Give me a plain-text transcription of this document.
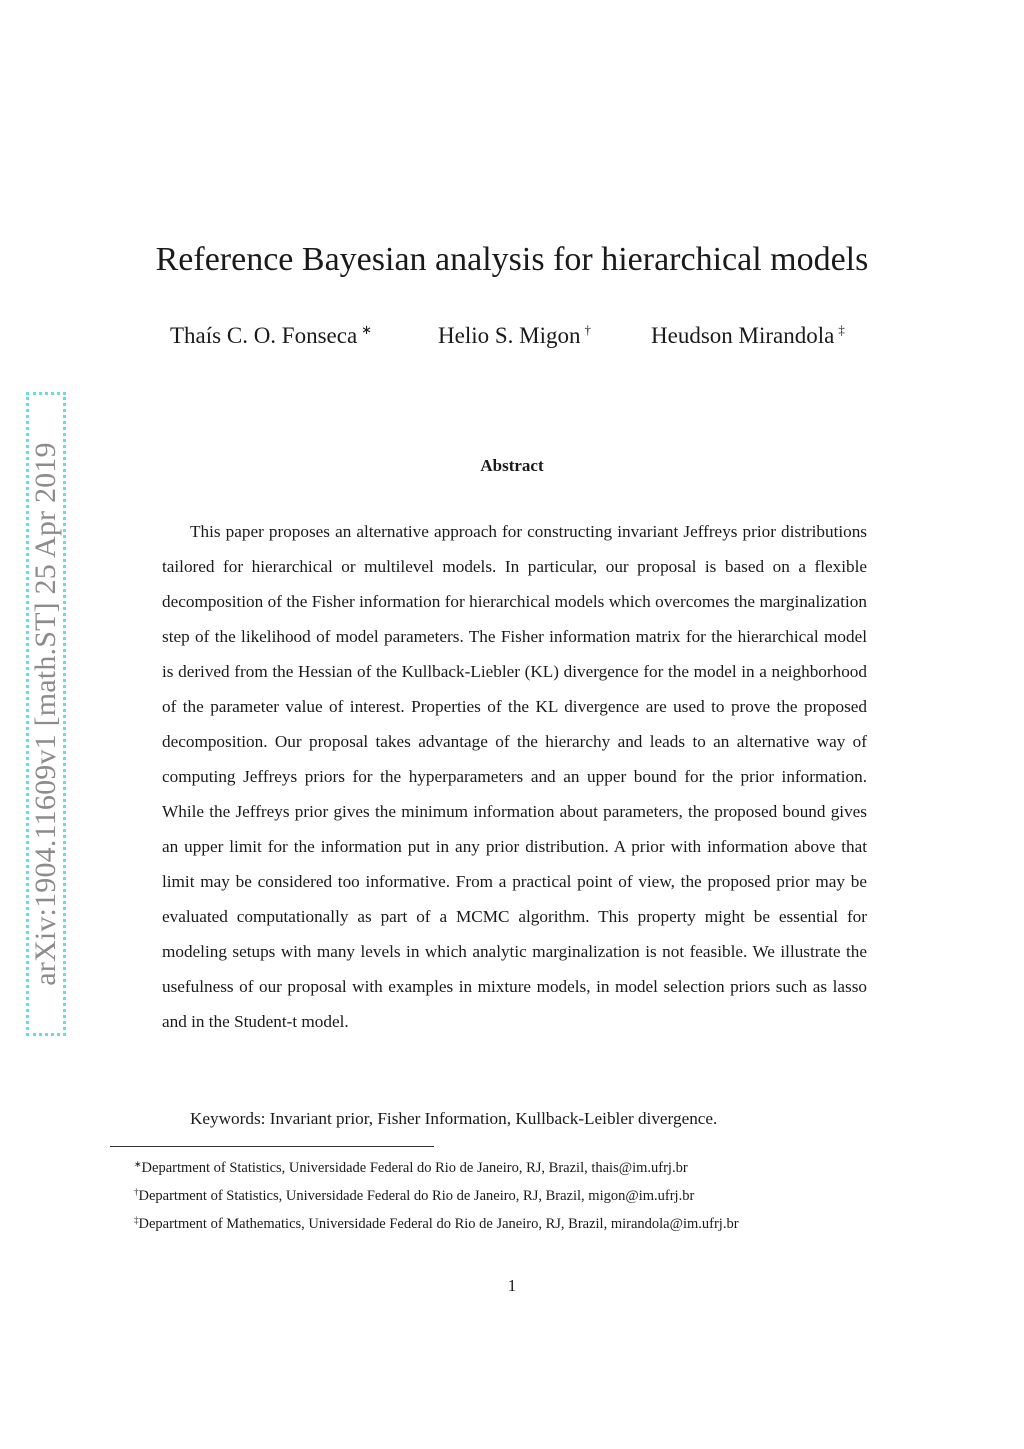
arXiv:1904.11609v1 [math.ST] 25 Apr 2019
Reference Bayesian analysis for hierarchical models
Thaís C. O. Fonseca ∗	Helio S. Migon †	Heudson Mirandola ‡
Abstract

This paper proposes an alternative approach for constructing invariant Jeffreys prior distributions tailored for hierarchical or multilevel models. In particular, our proposal is based on a flexible decomposition of the Fisher information for hierarchical models which overcomes the marginalization step of the likelihood of model parameters. The Fisher information matrix for the hierarchical model is derived from the Hessian of the Kullback-Liebler (KL) divergence for the model in a neighborhood of the parameter value of interest. Properties of the KL divergence are used to prove the proposed decomposition. Our proposal takes advantage of the hierarchy and leads to an alternative way of computing Jeffreys priors for the hyperparameters and an upper bound for the prior information. While the Jeffreys prior gives the minimum information about parameters, the proposed bound gives an upper limit for the information put in any prior distribution. A prior with information above that limit may be considered too informative. From a practical point of view, the proposed prior may be evaluated computationally as part of a MCMC algorithm. This property might be essential for modeling setups with many levels in which analytic marginalization is not feasible. We illustrate the usefulness of our proposal with examples in mixture models, in model selection priors such as lasso and in the Student-t model.

Keywords: Invariant prior, Fisher Information, Kullback-Leibler divergence.
∗Department of Statistics, Universidade Federal do Rio de Janeiro, RJ, Brazil, thais@im.ufrj.br
†Department of Statistics, Universidade Federal do Rio de Janeiro, RJ, Brazil, migon@im.ufrj.br
‡Department of Mathematics, Universidade Federal do Rio de Janeiro, RJ, Brazil, mirandola@im.ufrj.br
1
